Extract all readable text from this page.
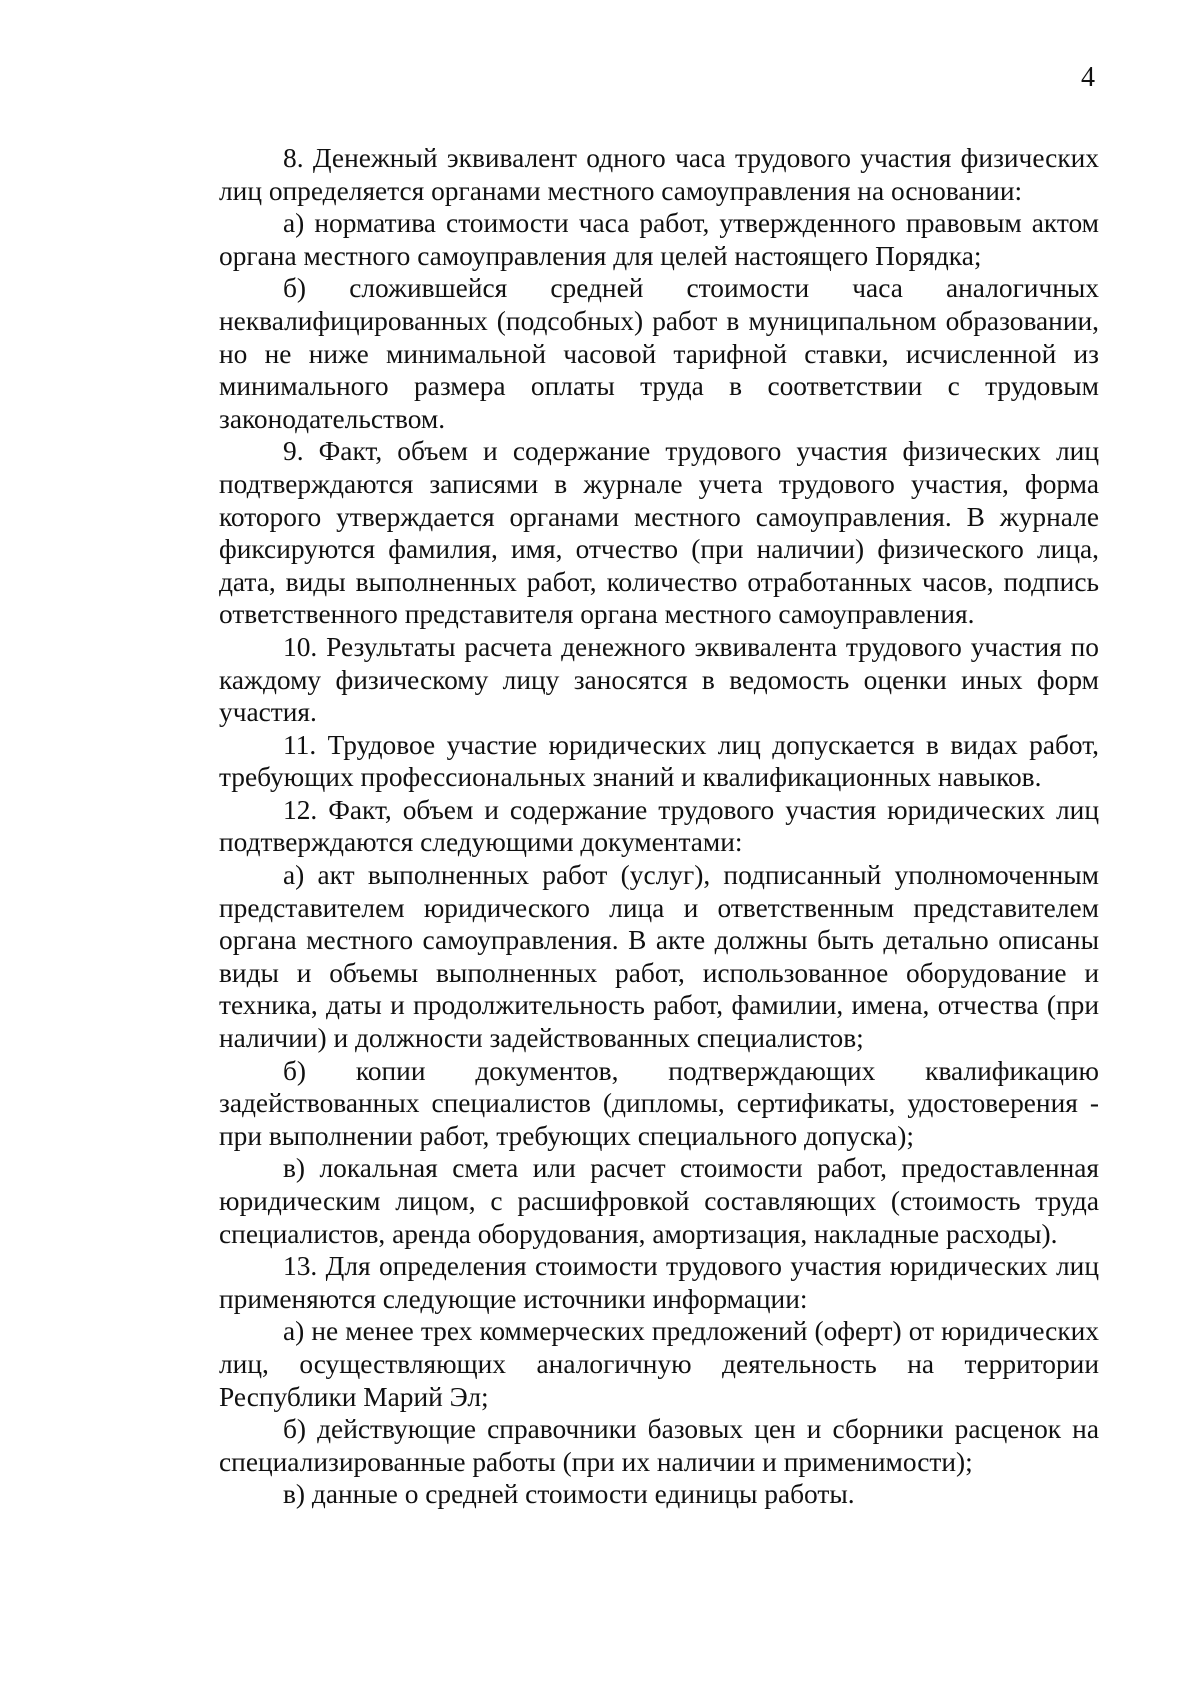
4

8. Денежный эквивалент одного часа трудового участия физических лиц определяется органами местного самоуправления на основании:

а) норматива стоимости часа работ, утвержденного правовым актом органа местного самоуправления для целей настоящего Порядка;

б) сложившейся средней стоимости часа аналогичных неквалифицированных (подсобных) работ в муниципальном образовании, но не ниже минимальной часовой тарифной ставки, исчисленной из минимального размера оплаты труда в соответствии с трудовым законодательством.

9. Факт, объем и содержание трудового участия физических лиц подтверждаются записями в журнале учета трудового участия, форма которого утверждается органами местного самоуправления. В журнале фиксируются фамилия, имя, отчество (при наличии) физического лица, дата, виды выполненных работ, количество отработанных часов, подпись ответственного представителя органа местного самоуправления.

10. Результаты расчета денежного эквивалента трудового участия по каждому физическому лицу заносятся в ведомость оценки иных форм участия.

11. Трудовое участие юридических лиц допускается в видах работ, требующих профессиональных знаний и квалификационных навыков.

12. Факт, объем и содержание трудового участия юридических лиц подтверждаются следующими документами:

а) акт выполненных работ (услуг), подписанный уполномоченным представителем юридического лица и ответственным представителем органа местного самоуправления. В акте должны быть детально описаны виды и объемы выполненных работ, использованное оборудование и техника, даты и продолжительность работ, фамилии, имена, отчества (при наличии) и должности задействованных специалистов;

б) копии документов, подтверждающих квалификацию задействованных специалистов (дипломы, сертификаты, удостоверения - при выполнении работ, требующих специального допуска);

в) локальная смета или расчет стоимости работ, предоставленная юридическим лицом, с расшифровкой составляющих (стоимость труда специалистов, аренда оборудования, амортизация, накладные расходы).

13. Для определения стоимости трудового участия юридических лиц применяются следующие источники информации:

а) не менее трех коммерческих предложений (оферт) от юридических лиц, осуществляющих аналогичную деятельность на территории Республики Марий Эл;

б) действующие справочники базовых цен и сборники расценок на специализированные работы (при их наличии и применимости);

в) данные о средней стоимости единицы работы.
